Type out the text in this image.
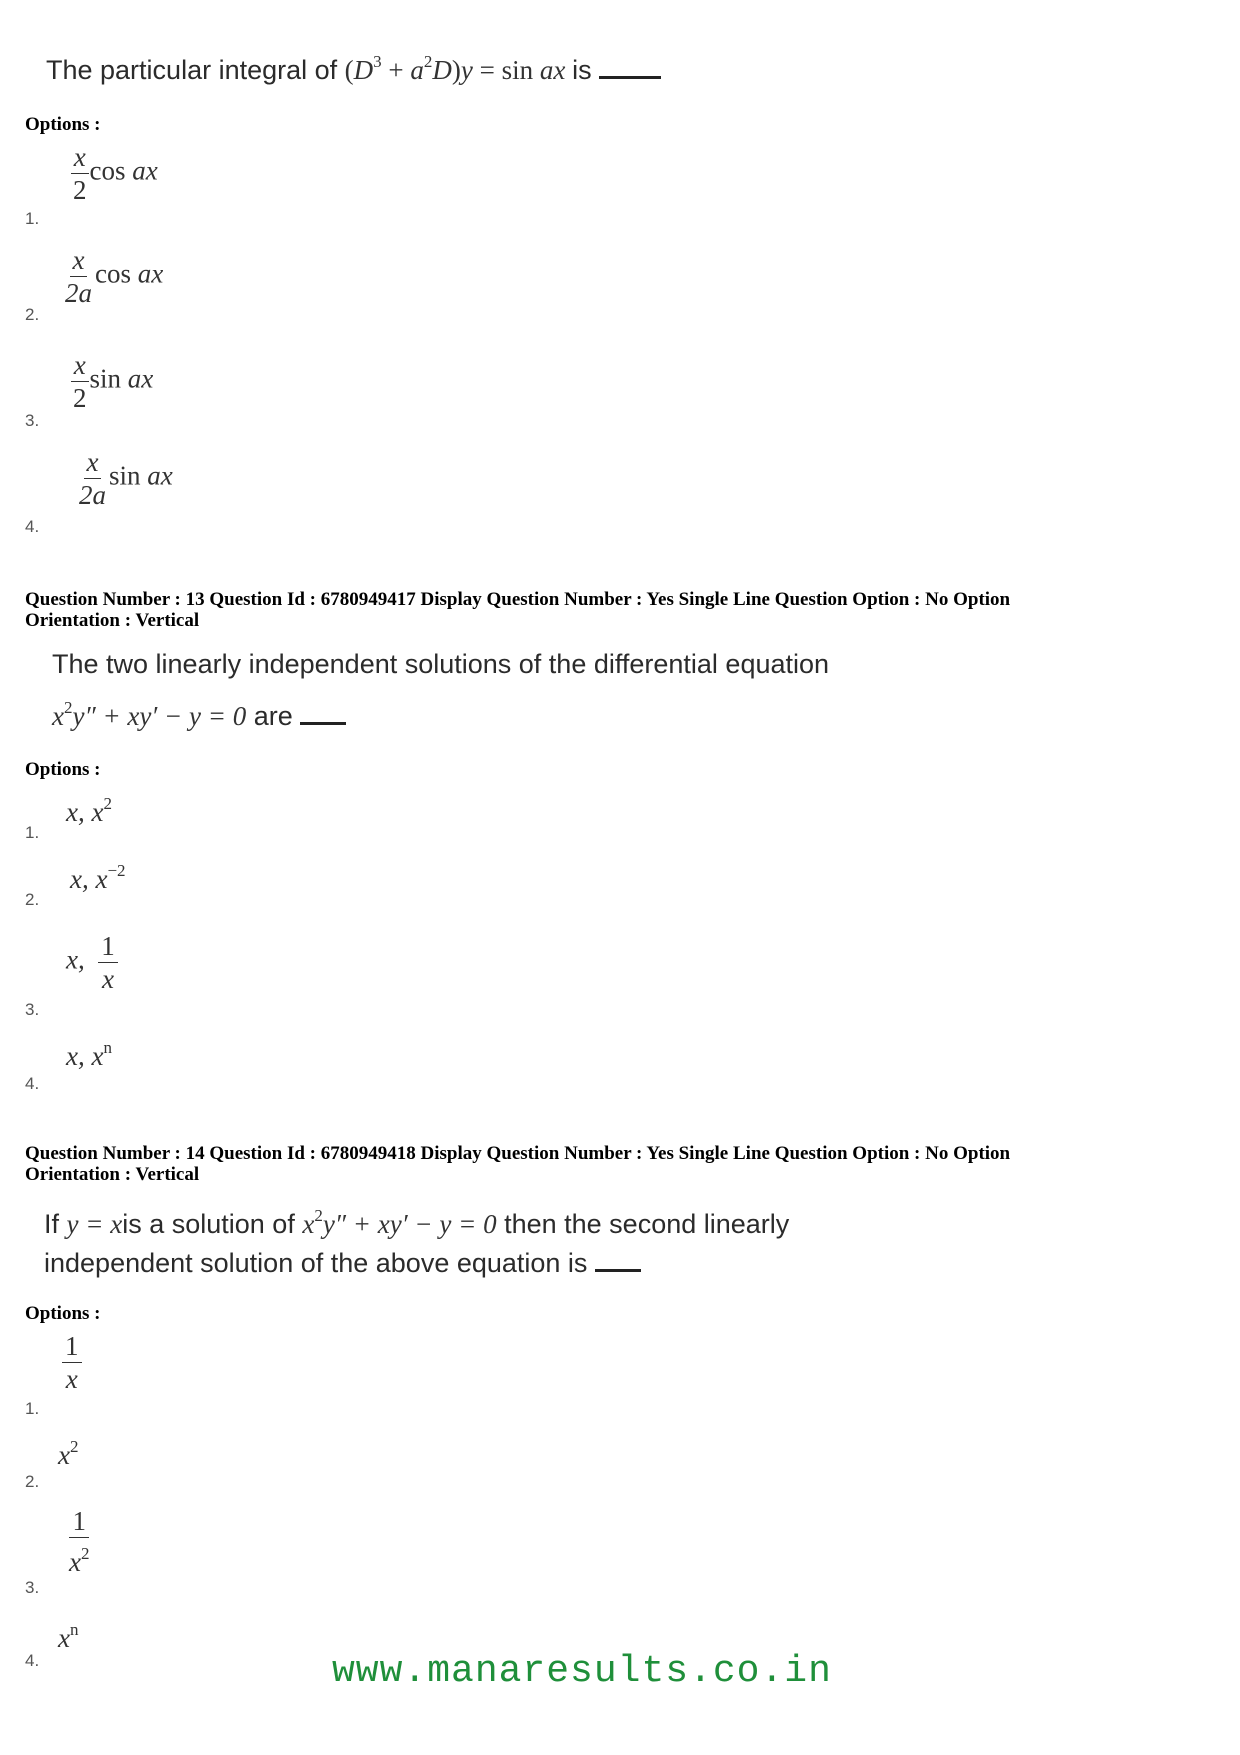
The particular integral of $(D^3 + a^2D)y = \sin$ ax is
Options :
1.
$\frac{x}{2}$ cos ax
2.
$\frac{x}{2a}$ cos ax
3.
$\frac{x}{2}$ sin ax
4.
$\frac{x}{2a}$ sin ax
Question Number : 13 Question Id : 6780949417 Display Question Number : Yes Single Line Question Option : No Option
Orientation : Vertical
The two linearly independent solutions of the differential equation
$x^2y'' + xy' - y = 0$ are
Options :
1.
x, $x^2$
2.
x, $x^{-2}$
3.
x, $\frac{1}{x}$
4.
x, $x^n$
Question Number : 14 Question Id : 6780949418 Display Question Number : Yes Single Line Question Option : No Option
Orientation : Vertical
If y = xis a solution of $x^2y'' + xy' - y = 0$ then the second linearly
independent solution of the above equation is
Options :
1.
$\frac{1}{x}$
2.
$x^2$
3.
$\frac{1}{x^2}$
4.
$x^n$
www.manaresults.co.in
